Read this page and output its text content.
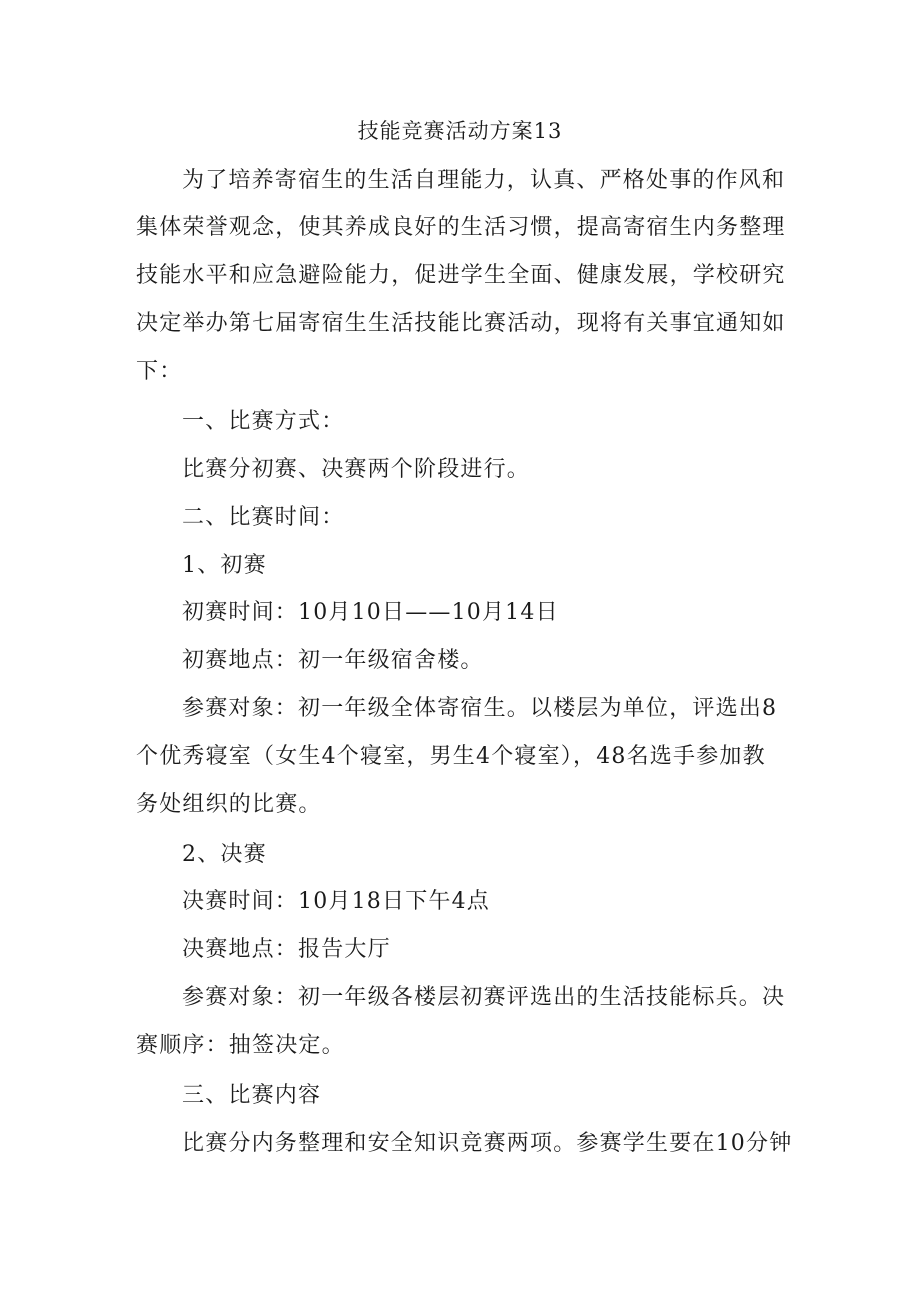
技能竞赛活动方案13
为了培养寄宿生的生活自理能力，认真、严格处事的作风和
集体荣誉观念，使其养成良好的生活习惯，提高寄宿生内务整理
技能水平和应急避险能力，促进学生全面、健康发展，学校研究
决定举办第七届寄宿生生活技能比赛活动，现将有关事宜通知如
下：
一、比赛方式：
比赛分初赛、决赛两个阶段进行。
二、比赛时间：
1、初赛
初赛时间：10月10日——10月14日
初赛地点：初一年级宿舍楼。
参赛对象：初一年级全体寄宿生。以楼层为单位，评选出8
个优秀寝室（女生4个寝室，男生4个寝室），48名选手参加教
务处组织的比赛。
2、决赛
决赛时间：10月18日下午4点
决赛地点：报告大厅
参赛对象：初一年级各楼层初赛评选出的生活技能标兵。决
赛顺序：抽签决定。
三、比赛内容
比赛分内务整理和安全知识竞赛两项。参赛学生要在10分钟
